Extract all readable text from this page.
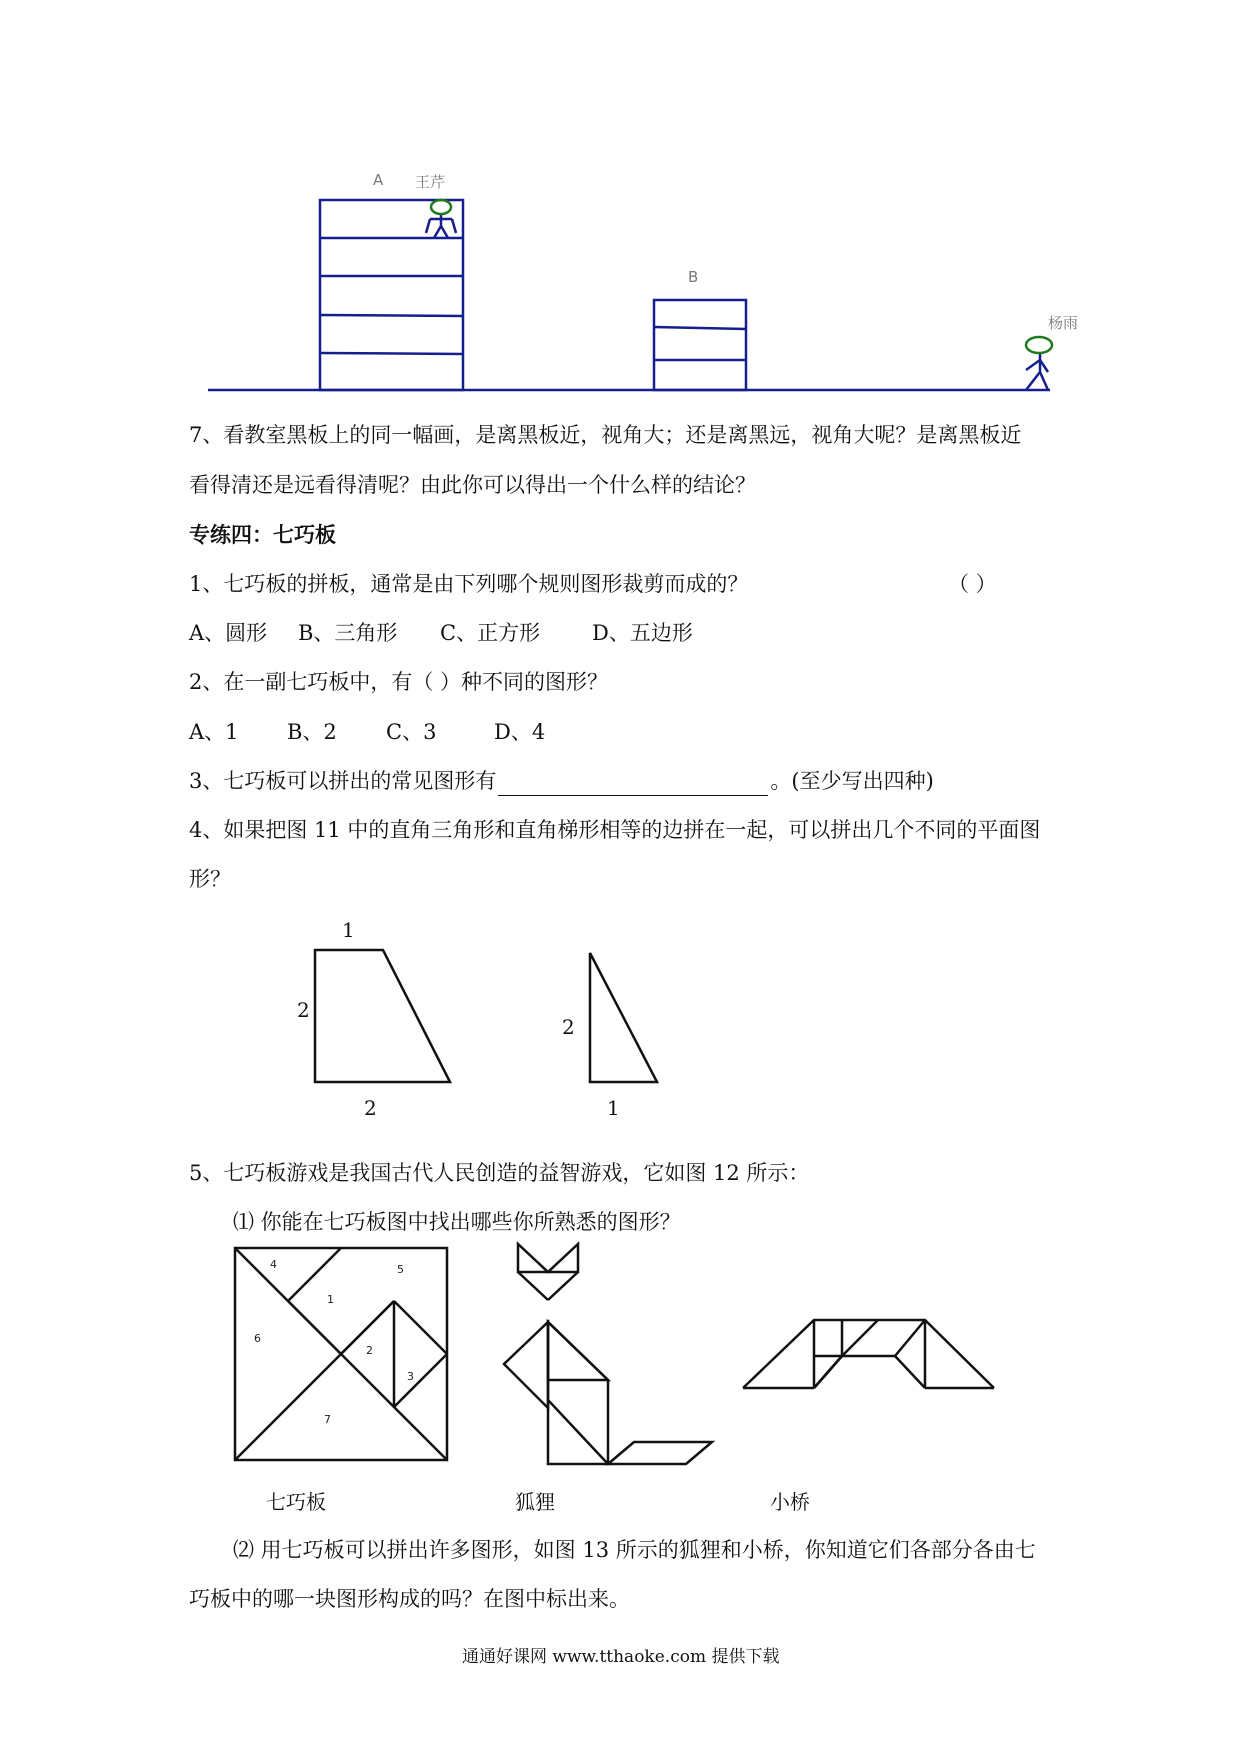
A 王芹
B
杨雨
7、看教室黑板上的同一幅画，是离黑板近，视角大；还是离黑远，视角大呢？是离黑板近
看得清还是远看得清呢？由此你可以得出一个什么样的结论？
专练四：七巧板
1、七巧板的拼板，通常是由下列哪个规则图形裁剪而成的？	（ ）
A、圆形 B、三角形 C、正方形 D、五边形
2、在一副七巧板中，有（ ）种不同的图形？
A、1 B、2 C、3	D、4
3、七巧板可以拼出的常见图形有	。(至少写出四种)
4、如果把图 11 中的直角三角形和直角梯形相等的边拼在一起，可以拼出几个不同的平面图
形？
1
2
2
2
1
5、七巧板游戏是我国古代人民创造的益智游戏，它如图 12 所示：
⑴ 你能在七巧板图中找出哪些你所熟悉的图形？
1
2
3
4	5
6
7
七巧板	狐狸	小桥
⑵ 用七巧板可以拼出许多图形，如图 13 所示的狐狸和小桥，你知道它们各部分各由七
巧板中的哪一块图形构成的吗？在图中标出来。
通通好课网 www.tthaoke.com 提供下载
